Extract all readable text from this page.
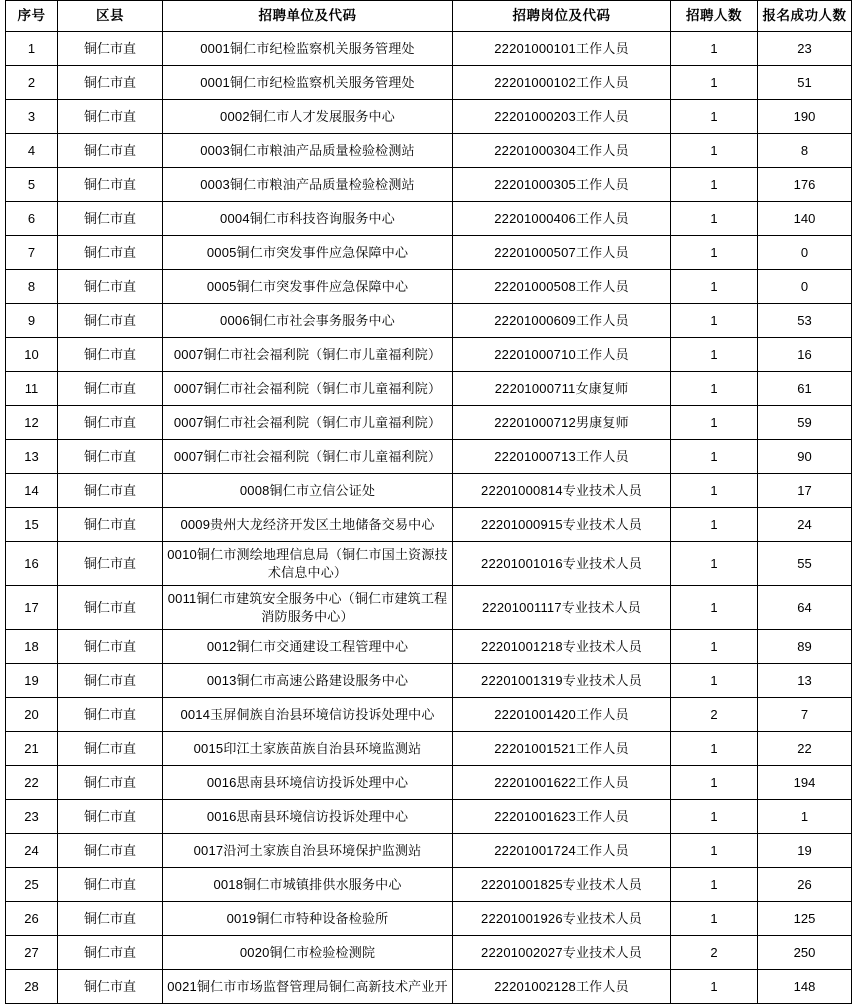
序号	区县	招聘单位及代码	招聘岗位及代码	招聘人数	报名成功人数
1	铜仁市直	0001铜仁市纪检监察机关服务管理处	22201000101工作人员	1	23
2	铜仁市直	0001铜仁市纪检监察机关服务管理处	22201000102工作人员	1	51
3	铜仁市直	0002铜仁市人才发展服务中心	22201000203工作人员	1	190
4	铜仁市直	0003铜仁市粮油产品质量检验检测站	22201000304工作人员	1	8
5	铜仁市直	0003铜仁市粮油产品质量检验检测站	22201000305工作人员	1	176
6	铜仁市直	0004铜仁市科技咨询服务中心	22201000406工作人员	1	140
7	铜仁市直	0005铜仁市突发事件应急保障中心	22201000507工作人员	1	0
8	铜仁市直	0005铜仁市突发事件应急保障中心	22201000508工作人员	1	0
9	铜仁市直	0006铜仁市社会事务服务中心	22201000609工作人员	1	53
10	铜仁市直	0007铜仁市社会福利院（铜仁市儿童福利院）	22201000710工作人员	1	16
11	铜仁市直	0007铜仁市社会福利院（铜仁市儿童福利院）	22201000711女康复师	1	61
12	铜仁市直	0007铜仁市社会福利院（铜仁市儿童福利院）	22201000712男康复师	1	59
13	铜仁市直	0007铜仁市社会福利院（铜仁市儿童福利院）	22201000713工作人员	1	90
14	铜仁市直	0008铜仁市立信公证处	22201000814专业技术人员	1	17
15	铜仁市直	0009贵州大龙经济开发区土地储备交易中心	22201000915专业技术人员	1	24
16	铜仁市直	0010铜仁市测绘地理信息局（铜仁市国土资源技术信息中心）	22201001016专业技术人员	1	55
17	铜仁市直	0011铜仁市建筑安全服务中心（铜仁市建筑工程消防服务中心）	22201001117专业技术人员	1	64
18	铜仁市直	0012铜仁市交通建设工程管理中心	22201001218专业技术人员	1	89
19	铜仁市直	0013铜仁市高速公路建设服务中心	22201001319专业技术人员	1	13
20	铜仁市直	0014玉屏侗族自治县环境信访投诉处理中心	22201001420工作人员	2	7
21	铜仁市直	0015印江土家族苗族自治县环境监测站	22201001521工作人员	1	22
22	铜仁市直	0016思南县环境信访投诉处理中心	22201001622工作人员	1	194
23	铜仁市直	0016思南县环境信访投诉处理中心	22201001623工作人员	1	1
24	铜仁市直	0017沿河土家族自治县环境保护监测站	22201001724工作人员	1	19
25	铜仁市直	0018铜仁市城镇排供水服务中心	22201001825专业技术人员	1	26
26	铜仁市直	0019铜仁市特种设备检验所	22201001926专业技术人员	1	125
27	铜仁市直	0020铜仁市检验检测院	22201002027专业技术人员	2	250
28	铜仁市直	0021铜仁市市场监督管理局铜仁高新技术产业开	22201002128工作人员	1	148
